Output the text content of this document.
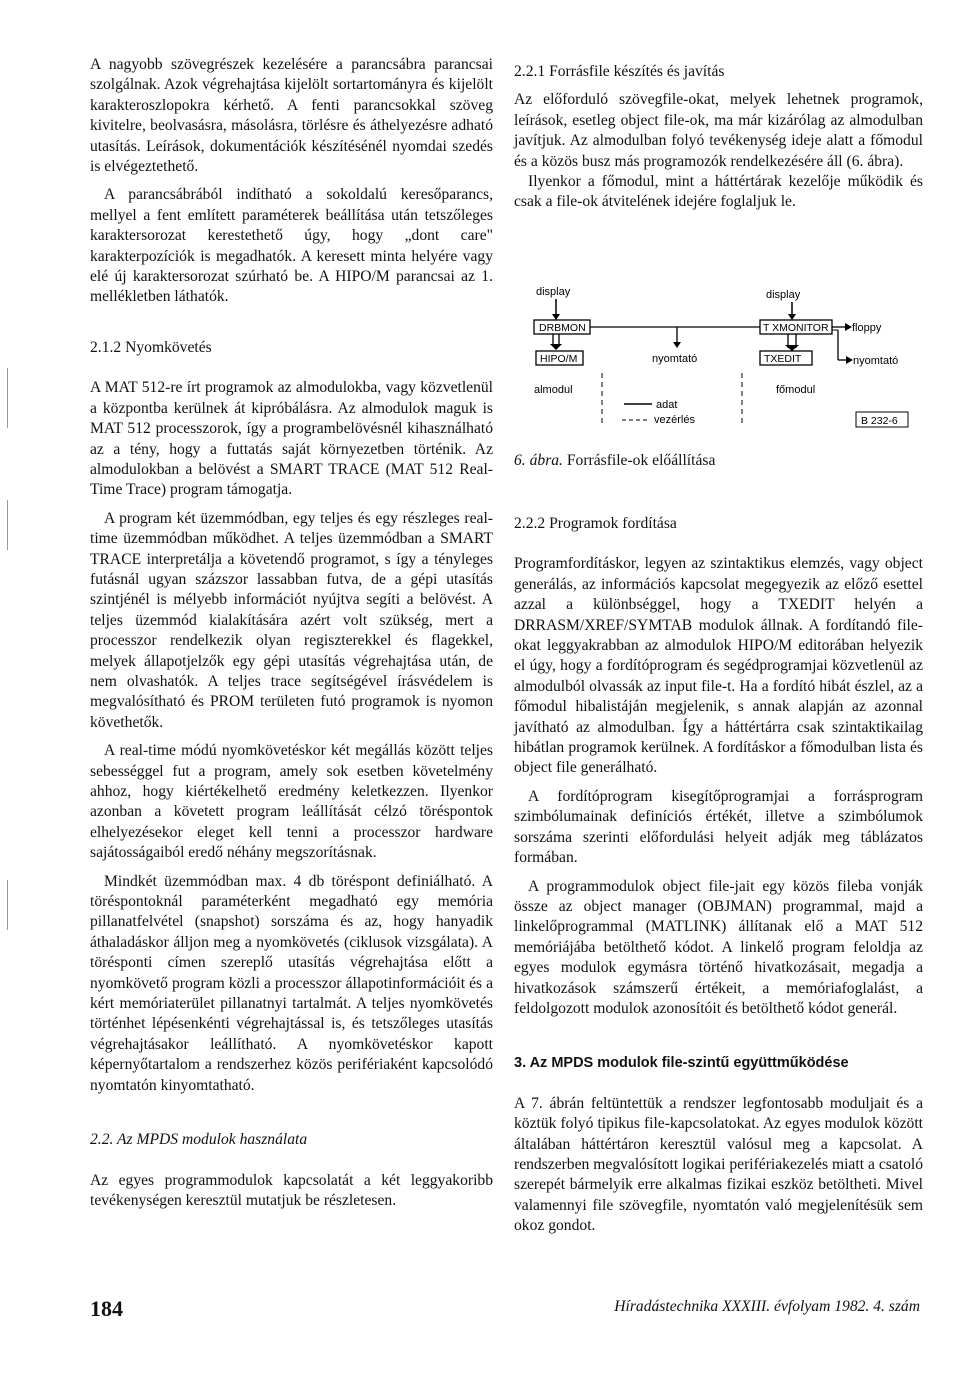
A nagyobb szövegrészek kezelésére a parancsábra parancsai szolgálnak. Azok végrehajtása kijelölt sortartományra és kijelölt karakteroszlopokra kérhető. A fenti parancsokkal szöveg kivitelre, beolvasásra, másolásra, törlésre és áthelyezésre adható utasítás. Leírások, dokumentációk készítésénél nyomdai szedés is elvégeztethető.

A parancsábrából indítható a sokoldalú keresőparancs, mellyel a fent említett paraméterek beállítása után tetszőleges karaktersorozat kerestethető úgy, hogy „dont care" karakterpozíciók is megadhatók. A keresett minta helyére vagy elé új karaktersorozat szúrható be. A HIPO/M parancsai az 1. mellékletben láthatók.

2.1.2 Nyomkövetés

A MAT 512-re írt programok az almodulokba, vagy közvetlenül a központba kerülnek át kipróbálásra. Az almodulok maguk is MAT 512 processzorok, így a programbelövésnél kihasználható az a tény, hogy a futtatás saját környezetben történik. Az almodulokban a belövést a SMART TRACE (MAT 512 Real-Time Trace) program támogatja.

A program két üzemmódban, egy teljes és egy részleges real-time üzemmódban működhet. A teljes üzemmódban a SMART TRACE interpretálja a követendő programot, s így a tényleges futásnál ugyan százszor lassabban futva, de a gépi utasítás szintjénél is mélyebb információt nyújtva segíti a belövést. A teljes üzemmód kialakítására azért volt szükség, mert a processzor rendelkezik olyan regiszterekkel és flagekkel, melyek állapotjelzők egy gépi utasítás végrehajtása után, de nem olvashatók. A teljes trace segítségével írásvédelem is megvalósítható és PROM területen futó programok is nyomon követhetők.

A real-time módú nyomkövetéskor két megállás között teljes sebességgel fut a program, amely sok esetben követelmény ahhoz, hogy kiértékelhető eredmény keletkezzen. Ilyenkor azonban a követett program leállítását célzó töréspontok elhelyezésekor eleget kell tenni a processzor hardware sajátosságaiból eredő néhány megszorításnak.

Mindkét üzemmódban max. 4 db töréspont definiálható. A töréspontoknál paraméterként megadható egy memória pillanatfelvétel (snapshot) sorszáma és az, hogy hanyadik áthaladáskor álljon meg a nyomkövetés (ciklusok vizsgálata). A törésponti címen szereplő utasítás végrehajtása előtt a nyomkövető program közli a processzor állapotinformációit és a kért memóriaterület pillanatnyi tartalmát. A teljes nyomkövetés történhet lépésenkénti végrehajtással is, és tetszőleges utasítás végrehajtásakor leállítható. A nyomkövetéskor kapott képernyőtartalom a rendszerhez közös perifériaként kapcsolódó nyomtatón kinyomtatható.

2.2. Az MPDS modulok használata

Az egyes programmodulok kapcsolatát a két leggyakoribb tevékenységen keresztül mutatjuk be részletesen.

2.2.1 Forrásfile készítés és javítás

Az előforduló szövegfile-okat, melyek lehetnek programok, leírások, esetleg object file-ok, ma már kizárólag az almodulban javítjuk. Az almodulban folyó tevékenység ideje alatt a főmodul és a közös busz más programozók rendelkezésére áll (6. ábra).

Ilyenkor a főmodul, mint a háttértárak kezelője működik és csak a file-ok átvitelének idejére foglaljuk le.

display	display
DRBMON	T XMONITOR floppy
HIPO/M	TXEDIT
nyomtató	nyomtató
almodul	főmodul
adat
vezérlés	B 232-6
6. ábra. Forrásfile-ok előállítása
2.2.2 Programok fordítása

Programfordításkor, legyen az szintaktikus elemzés, vagy object generálás, az információs kapcsolat megegyezik az előző esettel azzal a különbséggel, hogy a TXEDIT helyén a DRRASM/XREF/SYMTAB modulok állnak. A fordítandó file-okat leggyakrabban az almodulok HIPO/M editorában helyezik el úgy, hogy a fordítóprogram és segédprogramjai közvetlenül az almodulból olvassák az input file-t. Ha a fordító hibát észlel, az a főmodul hibalistáján megjelenik, s annak alapján az azonnal javítható az almodulban. Így a háttértárra csak szintaktikailag hibátlan programok kerülnek. A fordításkor a főmodulban lista és object file generálható.

A fordítóprogram kisegítőprogramjai a forrásprogram szimbólumainak definíciós értékét, illetve a szimbólumok sorszáma szerinti előfordulási helyeit adják meg táblázatos formában.

A programmodulok object file-jait egy közös fileba vonják össze az object manager (OBJMAN) programmal, majd a linkelőprogrammal (MATLINK) állítanak elő a MAT 512 memóriájába betölthető kódot. A linkelő program feloldja az egyes modulok egymásra történő hivatkozásait, megadja a hivatkozások számszerű értékeit, a memóriafoglalást, a feldolgozott modulok azonosítóit és betölthető kódot generál.

3. Az MPDS modulok file-szintű együttműködése

A 7. ábrán feltüntettük a rendszer legfontosabb moduljait és a köztük folyó tipikus file-kapcsolatokat. Az egyes modulok között általában háttértáron keresztül valósul meg a kapcsolat. A rendszerben megvalósított logikai perifériakezelés miatt a csatoló szerepét bármelyik erre alkalmas fizikai eszköz betöltheti. Mivel valamennyi file szövegfile, nyomtatón való megjelenítésük sem okoz gondot.

184	Híradástechnika XXXIII. évfolyam 1982. 4. szám
